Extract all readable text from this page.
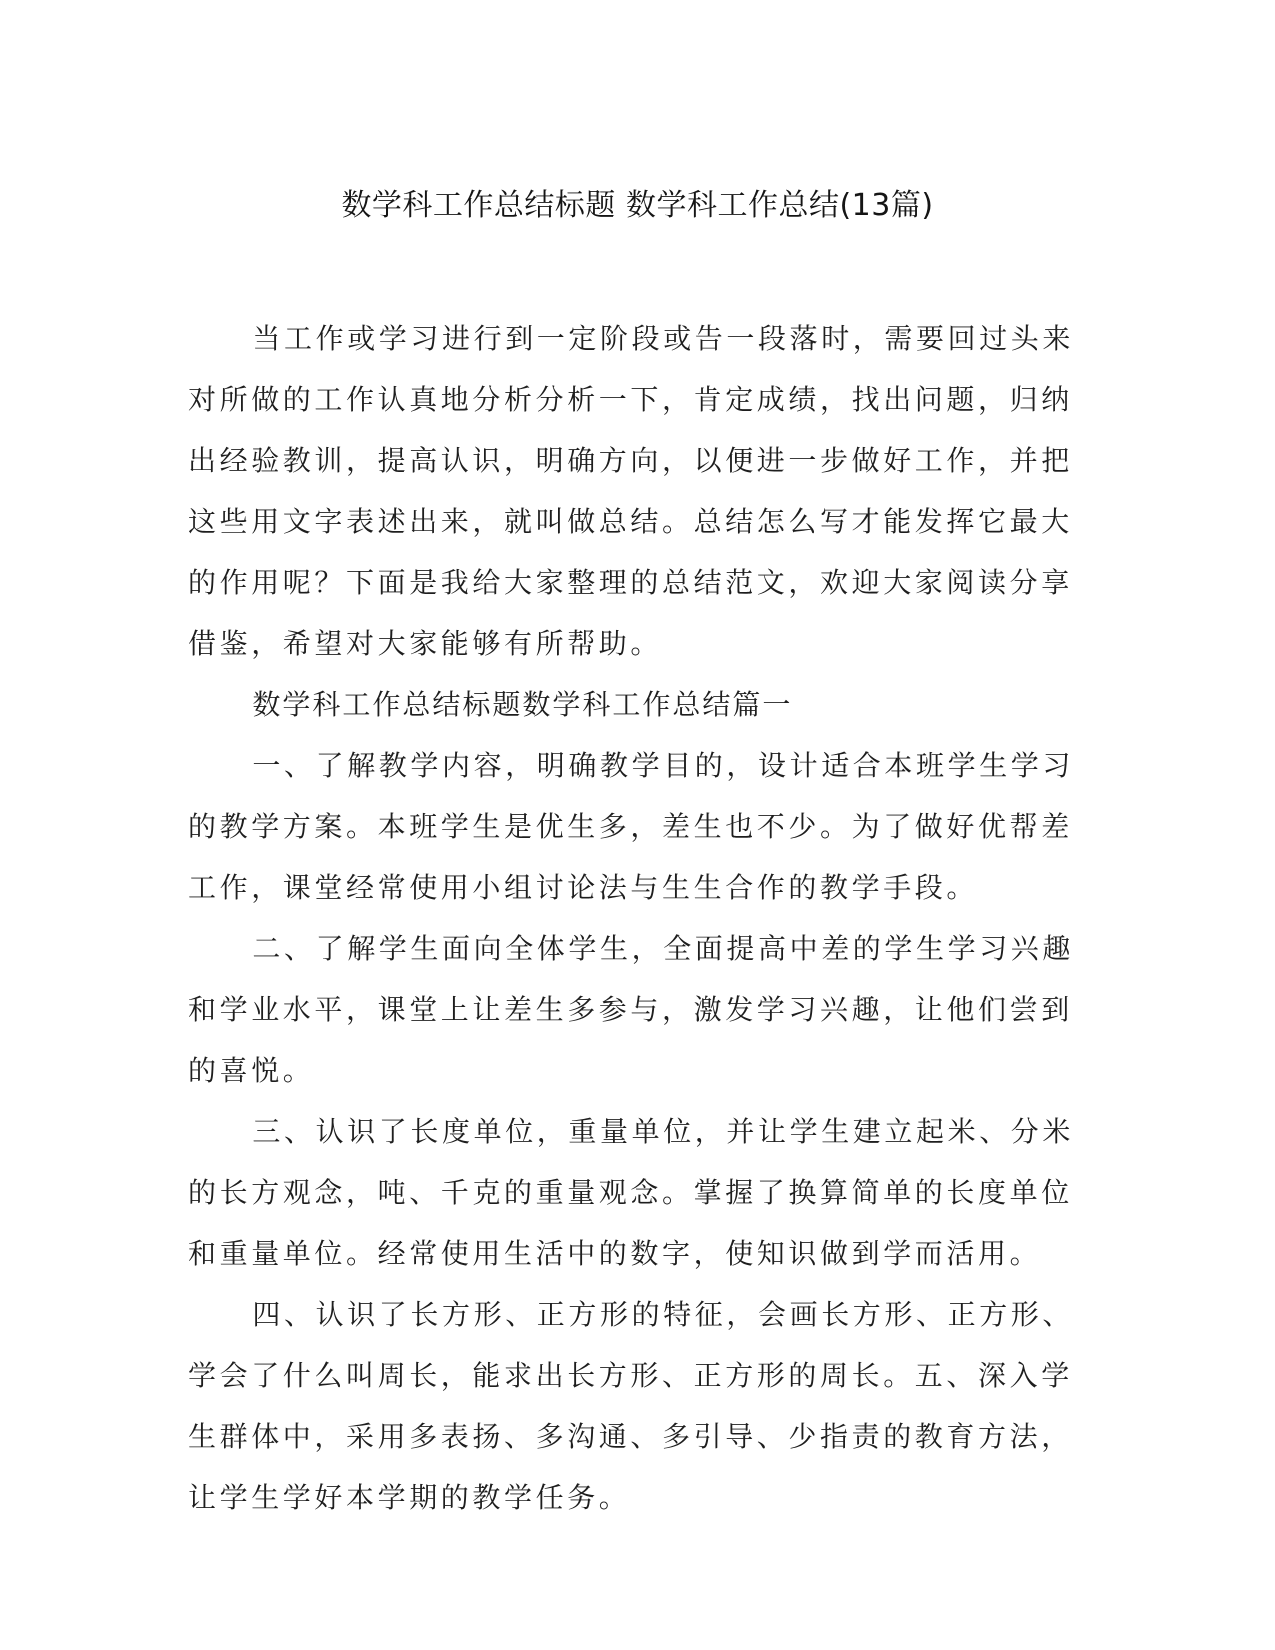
数学科工作总结标题 数学科工作总结(13篇)

当工作或学习进行到一定阶段或告一段落时，需要回过头来对所做的工作认真地分析分析一下，肯定成绩，找出问题，归纳出经验教训，提高认识，明确方向，以便进一步做好工作，并把这些用文字表述出来，就叫做总结。总结怎么写才能发挥它最大的作用呢？下面是我给大家整理的总结范文，欢迎大家阅读分享借鉴，希望对大家能够有所帮助。

数学科工作总结标题数学科工作总结篇一

一、了解教学内容，明确教学目的，设计适合本班学生学习的教学方案。本班学生是优生多，差生也不少。为了做好优帮差工作，课堂经常使用小组讨论法与生生合作的教学手段。

二、了解学生面向全体学生，全面提高中差的学生学习兴趣和学业水平，课堂上让差生多参与，激发学习兴趣，让他们尝到的喜悦。

三、认识了长度单位，重量单位，并让学生建立起米、分米的长方观念，吨、千克的重量观念。掌握了换算简单的长度单位和重量单位。经常使用生活中的数字，使知识做到学而活用。

四、认识了长方形、正方形的特征，会画长方形、正方形、学会了什么叫周长，能求出长方形、正方形的周长。五、深入学生群体中，采用多表扬、多沟通、多引导、少指责的教育方法，让学生学好本学期的教学任务。
